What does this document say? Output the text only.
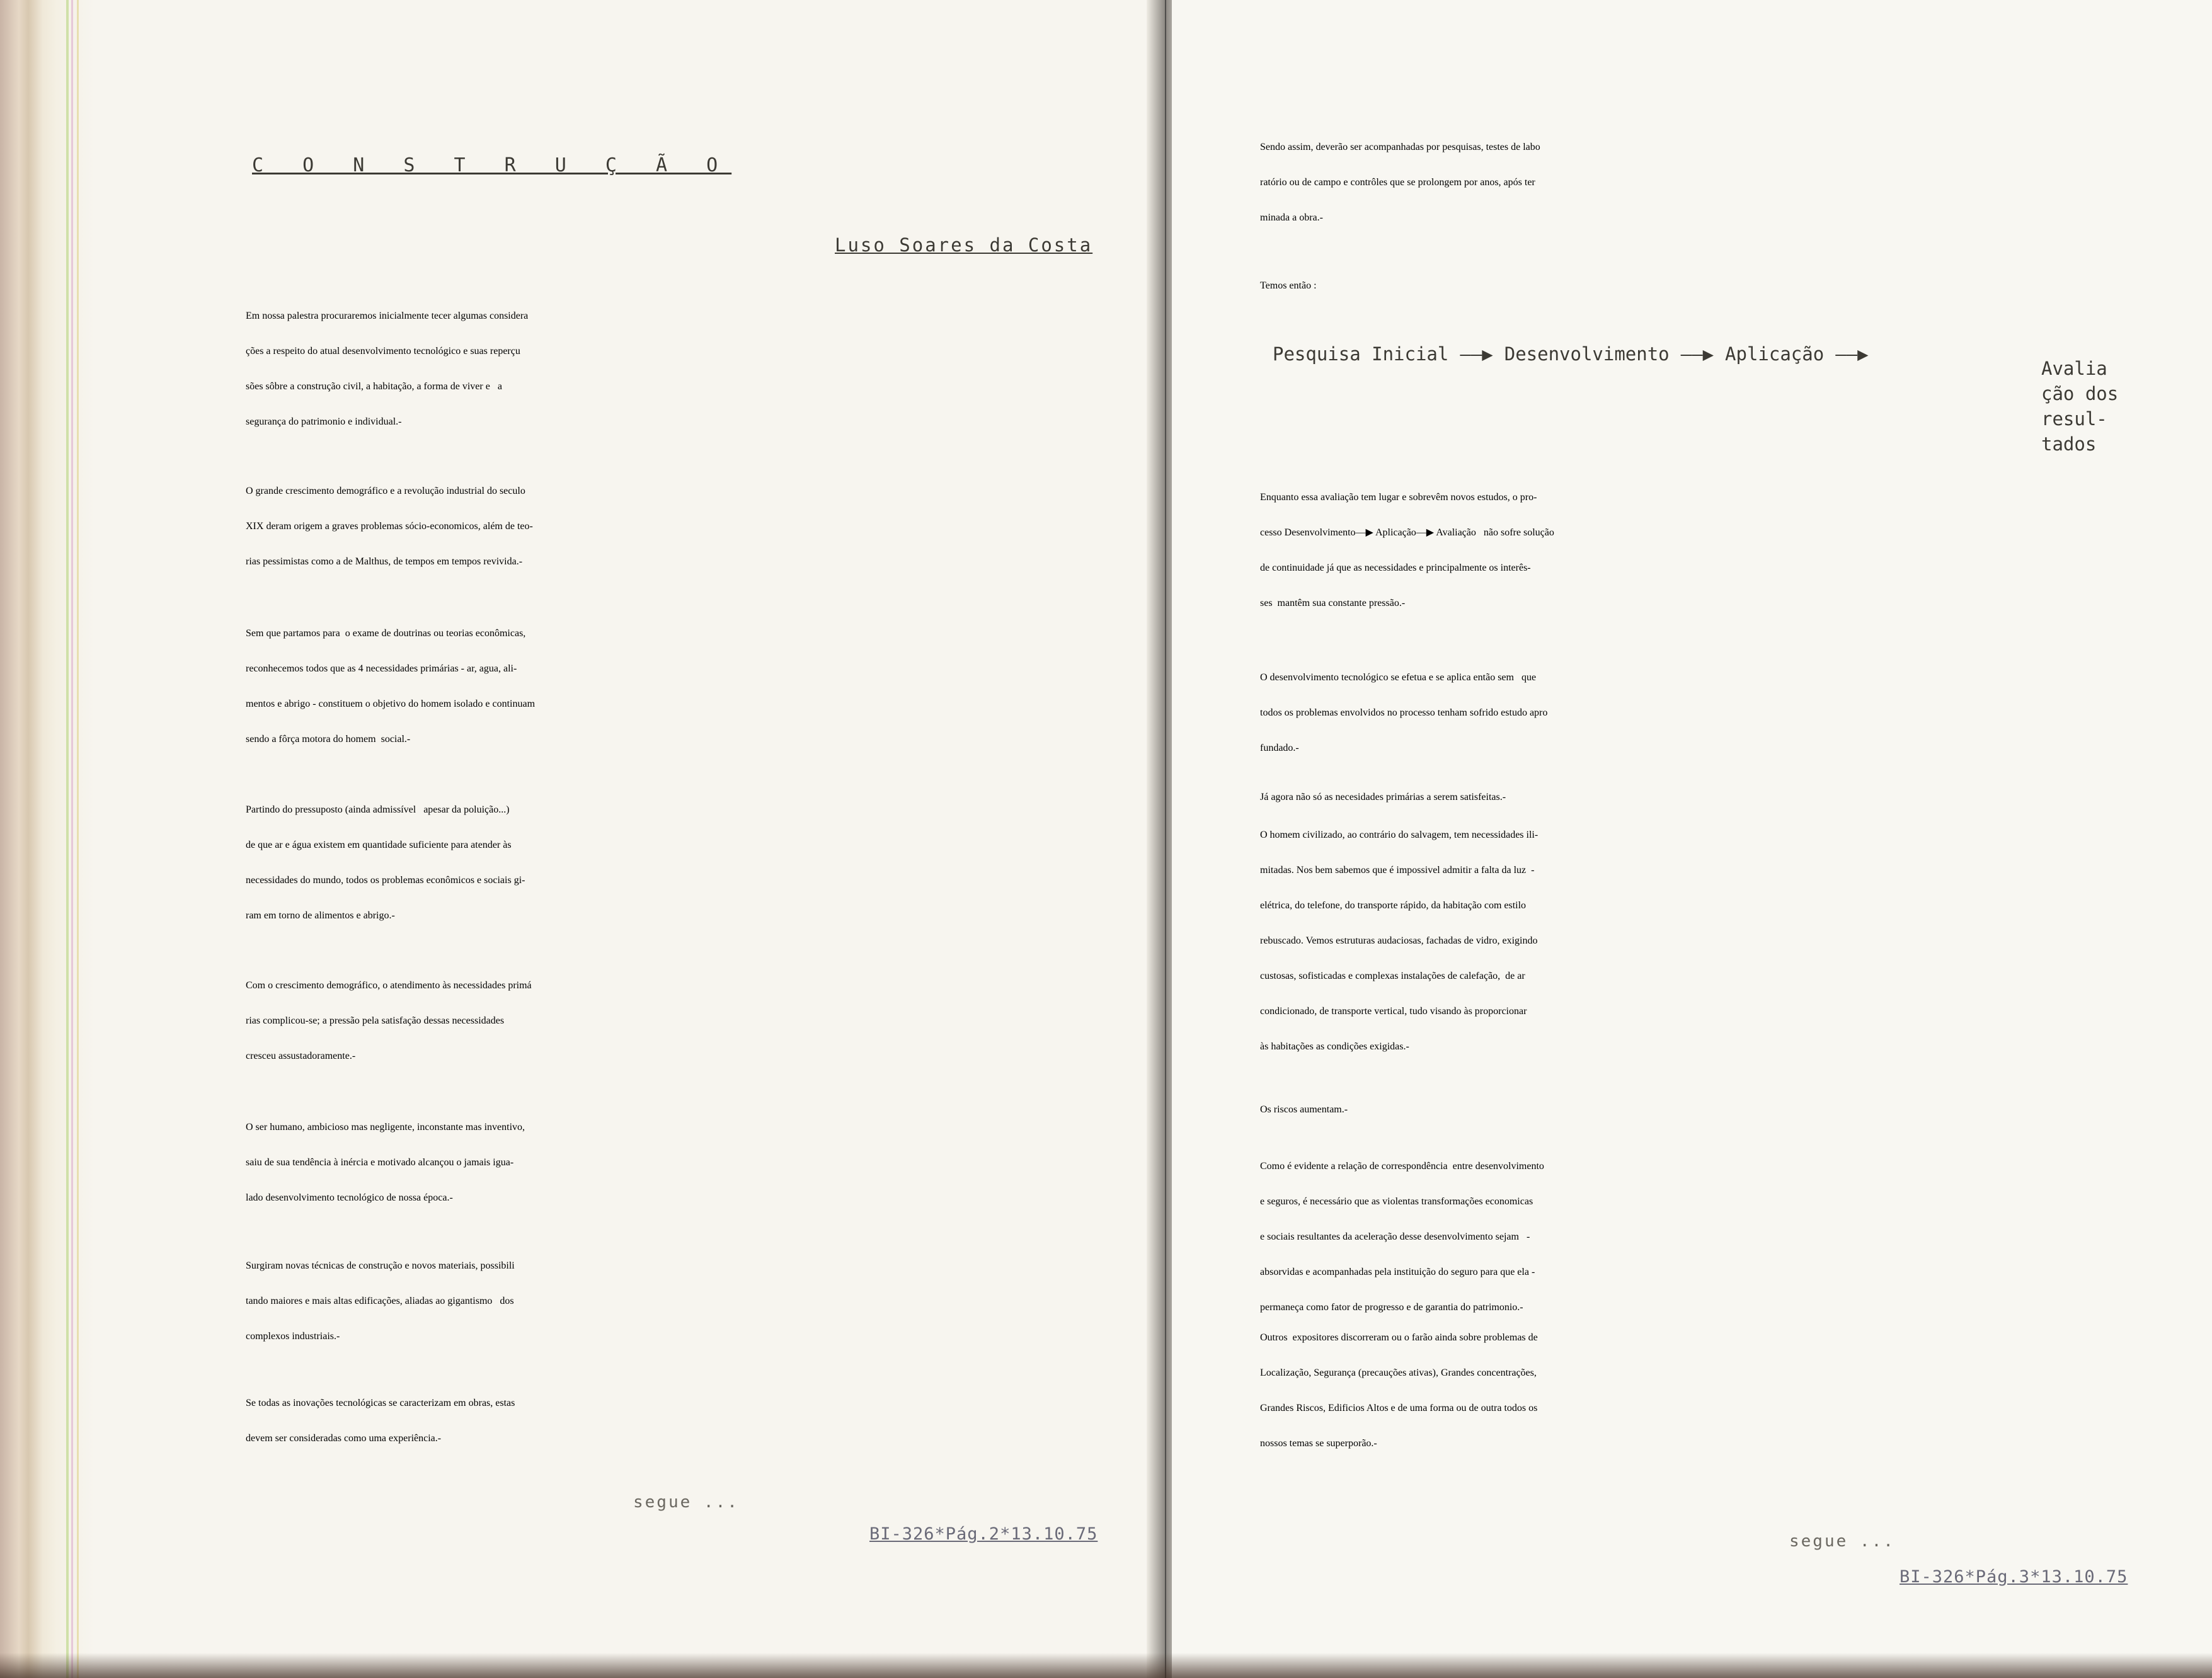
C O N S T R U Ç Ã O
Luso Soares da Costa
Em nossa palestra procuraremos inicialmente tecer algumas considera
ções a respeito do atual desenvolvimento tecnológico e suas reperçu
sões sôbre a construção civil, a habitação, a forma de viver e   a
segurança do patrimonio e individual.-
O grande crescimento demográfico e a revolução industrial do seculo
XIX deram origem a graves problemas sócio-economicos, além de teo-
rias pessimistas como a de Malthus, de tempos em tempos revivida.-
Sem que partamos para  o exame de doutrinas ou teorias econômicas,
reconhecemos todos que as 4 necessidades primárias - ar, agua, ali-
mentos e abrigo - constituem o objetivo do homem isolado e continuam
sendo a fôrça motora do homem  social.-
Partindo do pressuposto (ainda admissível   apesar da poluição...)
de que ar e água existem em quantidade suficiente para atender às
necessidades do mundo, todos os problemas econômicos e sociais gi-
ram em torno de alimentos e abrigo.-
Com o crescimento demográfico, o atendimento às necessidades primá
rias complicou-se; a pressão pela satisfação dessas necessidades
cresceu assustadoramente.-
O ser humano, ambicioso mas negligente, inconstante mas inventivo,
saiu de sua tendência à inércia e motivado alcançou o jamais igua-
lado desenvolvimento tecnológico de nossa época.-
Surgiram novas técnicas de construção e novos materiais, possibili
tando maiores e mais altas edificações, aliadas ao gigantismo   dos
complexos industriais.-
Se todas as inovações tecnológicas se caracterizam em obras, estas
devem ser consideradas como uma experiência.-
segue ...
BI-326*Pág.2*13.10.75
Sendo assim, deverão ser acompanhadas por pesquisas, testes de labo
ratório ou de campo e contrôles que se prolongem por anos, após ter
minada a obra.-
Temos então :
Pesquisa Inicial ——▶ Desenvolvimento ——▶ Aplicação ——▶
Avalia
ção dos
resul-
tados
Enquanto essa avaliação tem lugar e sobrevêm novos estudos, o pro-
cesso Desenvolvimento—▶ Aplicação—▶ Avaliação   não sofre solução
de continuidade já que as necessidades e principalmente os interês-
ses  mantêm sua constante pressão.-
O desenvolvimento tecnológico se efetua e se aplica então sem   que
todos os problemas envolvidos no processo tenham sofrido estudo apro
fundado.-
Já agora não só as necesidades primárias a serem satisfeitas.-
O homem civilizado, ao contrário do salvagem, tem necessidades ili-
mitadas. Nos bem sabemos que é impossivel admitir a falta da luz  -
elétrica, do telefone, do transporte rápido, da habitação com estilo
rebuscado. Vemos estruturas audaciosas, fachadas de vidro, exigindo
custosas, sofisticadas e complexas instalações de calefação,  de ar
condicionado, de transporte vertical, tudo visando às proporcionar
às habitações as condições exigidas.-
Os riscos aumentam.-
Como é evidente a relação de correspondência  entre desenvolvimento
e seguros, é necessário que as violentas transformações economicas
e sociais resultantes da aceleração desse desenvolvimento sejam   -
absorvidas e acompanhadas pela instituição do seguro para que ela -
permaneça como fator de progresso e de garantia do patrimonio.-
Outros  expositores discorreram ou o farão ainda sobre problemas de
Localização, Segurança (precauções ativas), Grandes concentrações,
Grandes Riscos, Edificios Altos e de uma forma ou de outra todos os
nossos temas se superporão.-
segue ...
BI-326*Pág.3*13.10.75
